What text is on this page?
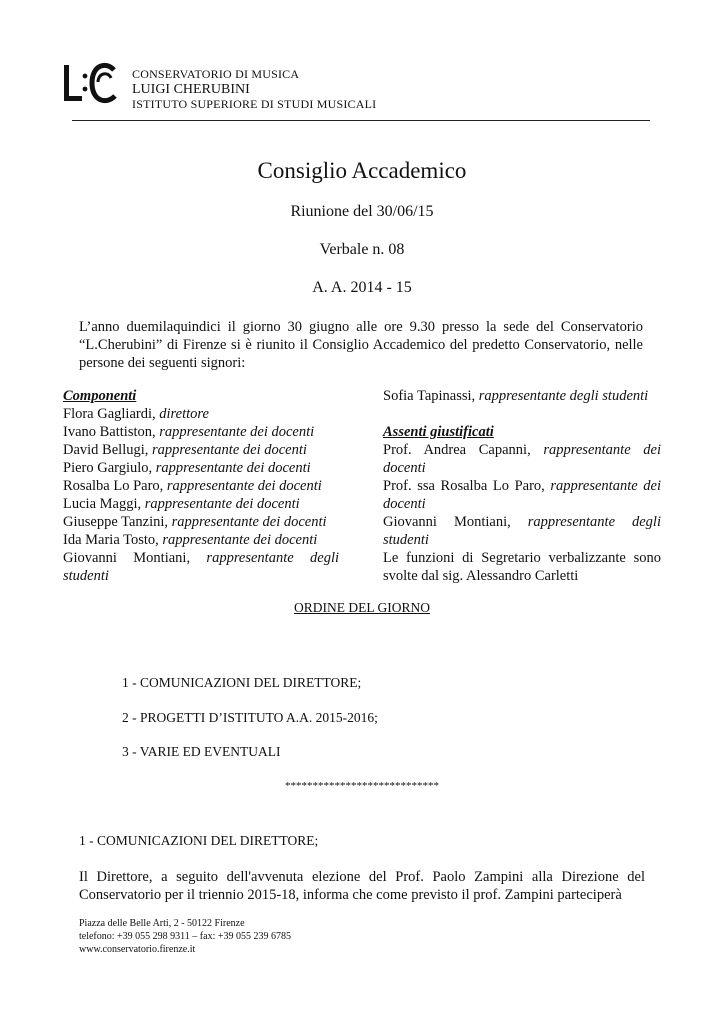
CONSERVATORIO DI MUSICA
LUIGI CHERUBINI
ISTITUTO SUPERIORE DI STUDI MUSICALI
Consiglio Accademico
Riunione del 30/06/15
Verbale n. 08
A. A. 2014 - 15
L’anno duemilaquindici il giorno 30 giugno alle ore 9.30 presso la sede del Conservatorio “L.Cherubini” di Firenze si è riunito il Consiglio Accademico del predetto Conservatorio, nelle persone dei seguenti signori:
Componenti
Flora Gagliardi, direttore
Ivano Battiston, rappresentante dei docenti
David Bellugi, rappresentante dei docenti
Piero Gargiulo, rappresentante dei docenti
Rosalba Lo Paro, rappresentante dei docenti
Lucia Maggi, rappresentante dei docenti
Giuseppe Tanzini, rappresentante dei docenti
Ida Maria Tosto, rappresentante dei docenti
Giovanni Montiani, rappresentante degli
studenti
Sofia Tapinassi, rappresentante degli studenti
Assenti giustificati
Prof. Andrea Capanni, rappresentante dei
docenti
Prof. ssa Rosalba Lo Paro, rappresentante dei
docenti
Giovanni Montiani, rappresentante degli
studenti
Le funzioni di Segretario verbalizzante sono
svolte dal sig. Alessandro Carletti
ORDINE DEL GIORNO
1 - COMUNICAZIONI DEL DIRETTORE;
2 - PROGETTI D’ISTITUTO A.A. 2015-2016;
3 - VARIE ED EVENTUALI
****************************
1 - COMUNICAZIONI DEL DIRETTORE;
Il Direttore, a seguito dell'avvenuta elezione del Prof. Paolo Zampini alla Direzione del Conservatorio per il triennio 2015-18, informa che come previsto il prof. Zampini parteciperà
Piazza delle Belle Arti, 2 - 50122 Firenze
telefono: +39 055 298 9311 – fax: +39 055 239 6785
www.conservatorio.firenze.it
